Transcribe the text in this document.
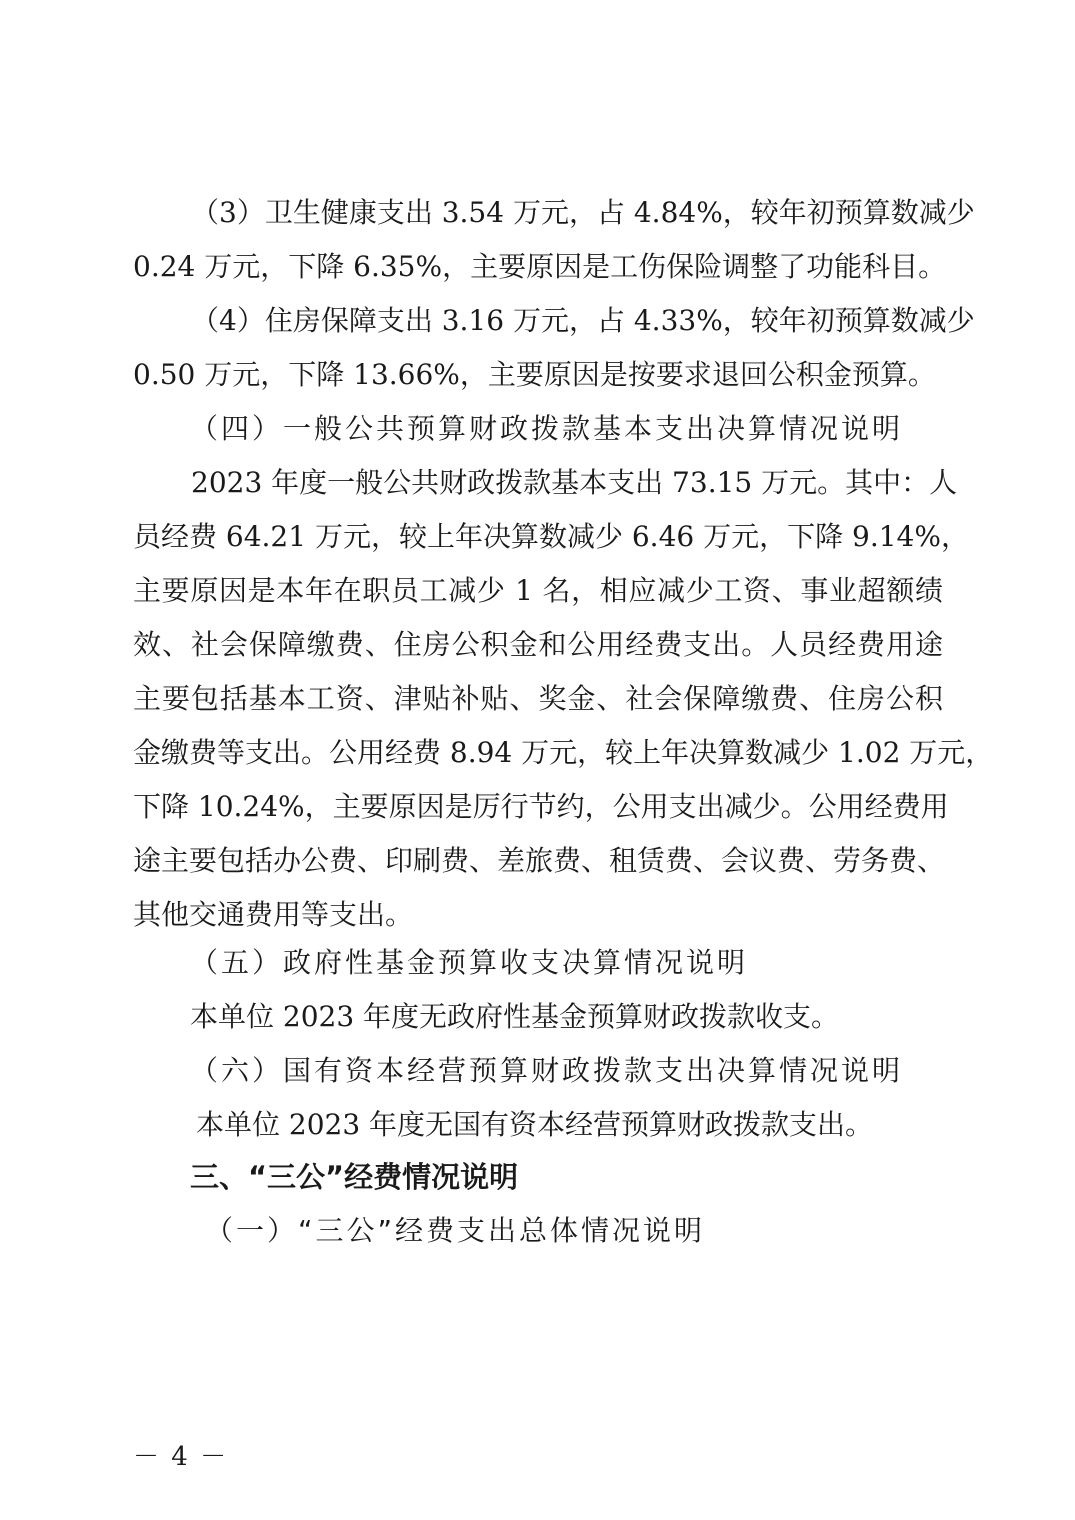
（3）卫生健康支出 3.54 万元，占 4.84%，较年初预算数减少
0.24 万元，下降 6.35%，主要原因是工伤保险调整了功能科目。
（4）住房保障支出 3.16 万元，占 4.33%，较年初预算数减少
0.50 万元，下降 13.66%，主要原因是按要求退回公积金预算。
（四）一般公共预算财政拨款基本支出决算情况说明
2023 年度一般公共财政拨款基本支出 73.15 万元。其中：人
员经费 64.21 万元，较上年决算数减少 6.46 万元，下降 9.14%，
主要原因是本年在职员工减少 1 名，相应减少工资、事业超额绩
效、社会保障缴费、住房公积金和公用经费支出。人员经费用途
主要包括基本工资、津贴补贴、奖金、社会保障缴费、住房公积
金缴费等支出。公用经费 8.94 万元，较上年决算数减少 1.02 万元，
下降 10.24%，主要原因是厉行节约，公用支出减少。公用经费用
途主要包括办公费、印刷费、差旅费、租赁费、会议费、劳务费、
其他交通费用等支出。
（五）政府性基金预算收支决算情况说明
本单位 2023 年度无政府性基金预算财政拨款收支。
（六）国有资本经营预算财政拨款支出决算情况说明
本单位 2023 年度无国有资本经营预算财政拨款支出。
三、“三公”经费情况说明
（一）“三公”经费支出总体情况说明
－ 4 －
